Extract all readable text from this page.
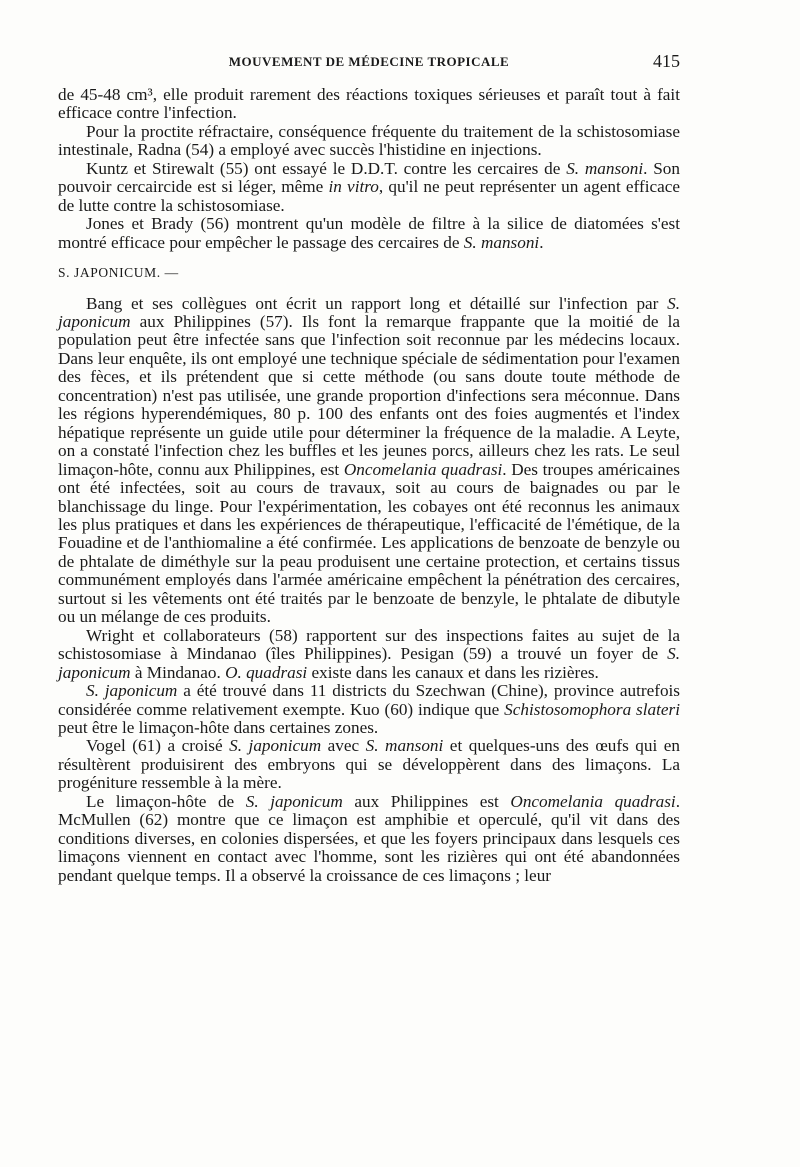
MOUVEMENT DE MÉDECINE TROPICALE	415

de 45-48 cm³, elle produit rarement des réactions toxiques sérieuses et paraît tout à fait efficace contre l'infection.

Pour la proctite réfractaire, conséquence fréquente du traitement de la schistosomiase intestinale, Radna (54) a employé avec succès l'histidine en injections.

Kuntz et Stirewalt (55) ont essayé le D.D.T. contre les cercaires de S. mansoni. Son pouvoir cercaircide est si léger, même in vitro, qu'il ne peut représenter un agent efficace de lutte contre la schistosomiase.

Jones et Brady (56) montrent qu'un modèle de filtre à la silice de diatomées s'est montré efficace pour empêcher le passage des cercaires de S. mansoni.

S. JAPONICUM. —

Bang et ses collègues ont écrit un rapport long et détaillé sur l'infection par S. japonicum aux Philippines (57). Ils font la remarque frappante que la moitié de la population peut être infectée sans que l'infection soit reconnue par les médecins locaux. Dans leur enquête, ils ont employé une technique spéciale de sédimentation pour l'examen des fèces, et ils prétendent que si cette méthode (ou sans doute toute méthode de concentration) n'est pas utilisée, une grande proportion d'infections sera méconnue. Dans les régions hyperendémiques, 80 p. 100 des enfants ont des foies augmentés et l'index hépatique représente un guide utile pour déterminer la fréquence de la maladie. A Leyte, on a constaté l'infection chez les buffles et les jeunes porcs, ailleurs chez les rats. Le seul limaçon-hôte, connu aux Philippines, est Oncomelania quadrasi. Des troupes américaines ont été infectées, soit au cours de travaux, soit au cours de baignades ou par le blanchissage du linge. Pour l'expérimentation, les cobayes ont été reconnus les animaux les plus pratiques et dans les expériences de thérapeutique, l'efficacité de l'émétique, de la Fouadine et de l'anthiomaline a été confirmée. Les applications de benzoate de benzyle ou de phtalate de diméthyle sur la peau produisent une certaine protection, et certains tissus communément employés dans l'armée américaine empêchent la pénétration des cercaires, surtout si les vêtements ont été traités par le benzoate de benzyle, le phtalate de dibutyle ou un mélange de ces produits.

Wright et collaborateurs (58) rapportent sur des inspections faites au sujet de la schistosomiase à Mindanao (îles Philippines). Pesigan (59) a trouvé un foyer de S. japonicum à Mindanao. O. quadrasi existe dans les canaux et dans les rizières.

S. japonicum a été trouvé dans 11 districts du Szechwan (Chine), province autrefois considérée comme relativement exempte. Kuo (60) indique que Schistosomophora slateri peut être le limaçon-hôte dans certaines zones.

Vogel (61) a croisé S. japonicum avec S. mansoni et quelques-uns des œufs qui en résultèrent produisirent des embryons qui se développèrent dans des limaçons. La progéniture ressemble à la mère.

Le limaçon-hôte de S. japonicum aux Philippines est Oncomelania quadrasi. McMullen (62) montre que ce limaçon est amphibie et operculé, qu'il vit dans des conditions diverses, en colonies dispersées, et que les foyers principaux dans lesquels ces limaçons viennent en contact avec l'homme, sont les rizières qui ont été abandonnées pendant quelque temps. Il a observé la croissance de ces limaçons ; leur
